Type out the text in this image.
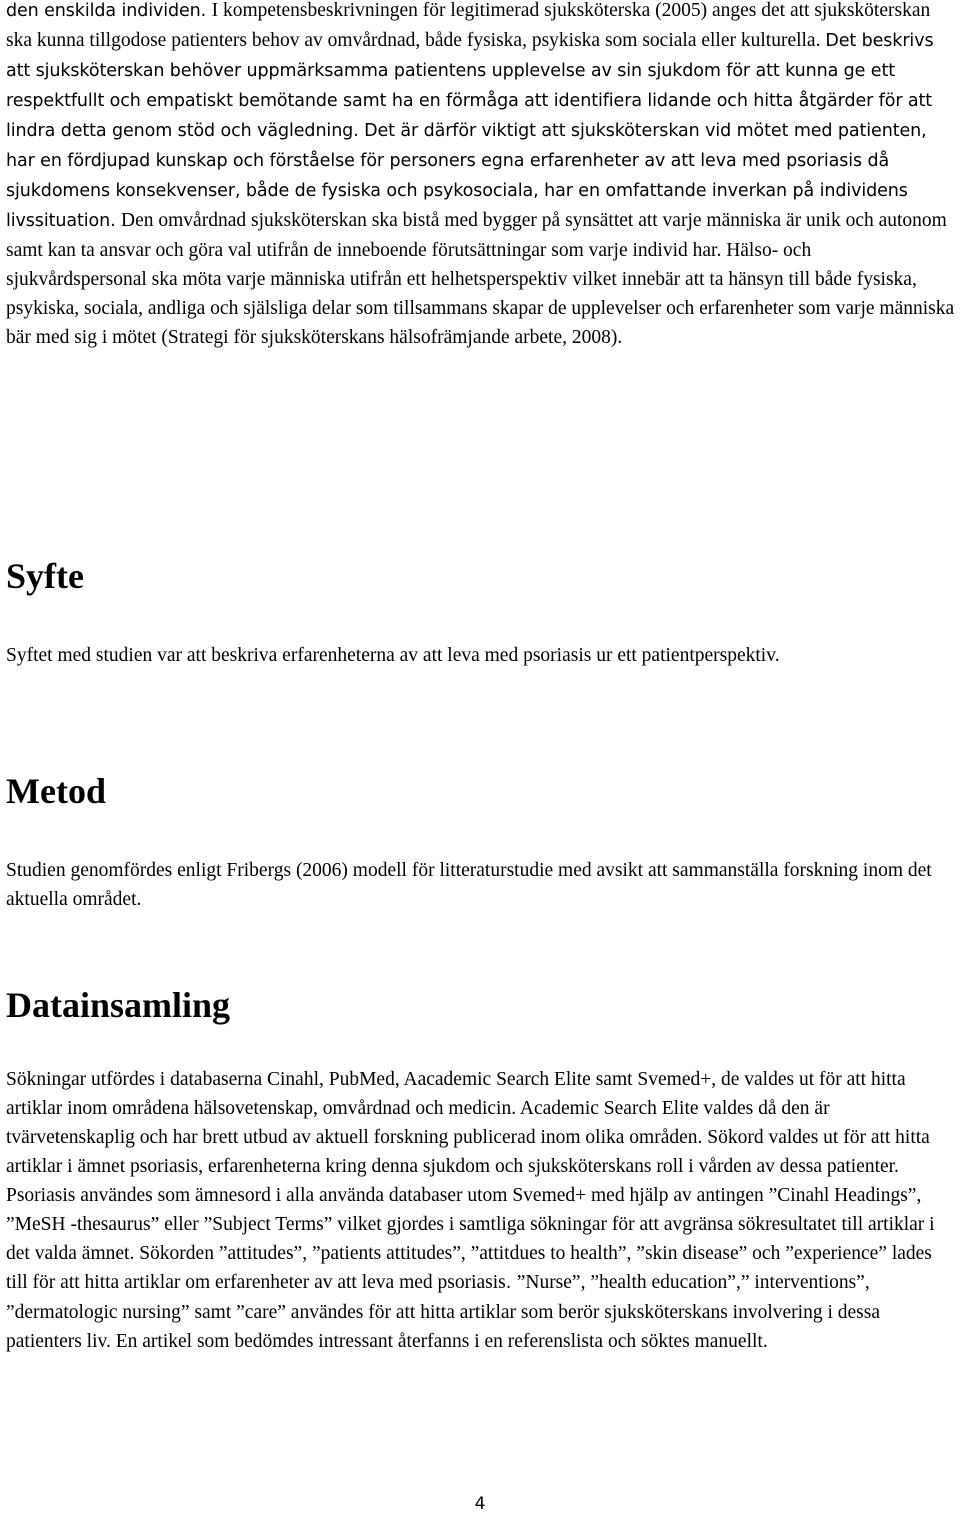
den enskilda individen. I kompetensbeskrivningen för legitimerad sjuksköterska (2005) anges det att sjuksköterskan ska kunna tillgodose patienters behov av omvårdnad, både fysiska, psykiska som sociala eller kulturella. Det beskrivs att sjuksköterskan behöver uppmärksamma patientens upplevelse av sin sjukdom för att kunna ge ett respektfullt och empatiskt bemötande samt ha en förmåga att identifiera lidande och hitta åtgärder för att lindra detta genom stöd och vägledning. Det är därför viktigt att sjuksköterskan vid mötet med patienten, har en fördjupad kunskap och förståelse för personers egna erfarenheter av att leva med psoriasis då sjukdomens konsekvenser, både de fysiska och psykosociala, har en omfattande inverkan på individens livssituation. Den omvårdnad sjuksköterskan ska bistå med bygger på synsättet att varje människa är unik och autonom samt kan ta ansvar och göra val utifrån de inneboende förutsättningar som varje individ har. Hälso- och sjukvårdspersonal ska möta varje människa utifrån ett helhetsperspektiv vilket innebär att ta hänsyn till både fysiska, psykiska, sociala, andliga och själsliga delar som tillsammans skapar de upplevelser och erfarenheter som varje människa bär med sig i mötet (Strategi för sjuksköterskans hälsofrämjande arbete, 2008).

Syfte

Syftet med studien var att beskriva erfarenheterna av att leva med psoriasis ur ett patientperspektiv.

Metod

Studien genomfördes enligt Fribergs (2006) modell för litteraturstudie med avsikt att sammanställa forskning inom det aktuella området.

Datainsamling

Sökningar utfördes i databaserna Cinahl, PubMed, Aacademic Search Elite samt Svemed+, de valdes ut för att hitta artiklar inom områdena hälsovetenskap, omvårdnad och medicin. Academic Search Elite valdes då den är tvärvetenskaplig och har brett utbud av aktuell forskning publicerad inom olika områden. Sökord valdes ut för att hitta artiklar i ämnet psoriasis, erfarenheterna kring denna sjukdom och sjuksköterskans roll i vården av dessa patienter. Psoriasis användes som ämnesord i alla använda databaser utom Svemed+ med hjälp av antingen ”Cinahl Headings”, ”MeSH -thesaurus” eller ”Subject Terms” vilket gjordes i samtliga sökningar för att avgränsa sökresultatet till artiklar i det valda ämnet. Sökorden ”attitudes”, ”patients attitudes”, ”attitdues to health”, ”skin disease” och ”experience” lades till för att hitta artiklar om erfarenheter av att leva med psoriasis. ”Nurse”, ”health education”,” interventions”, ”dermatologic nursing” samt ”care” användes för att hitta artiklar som berör sjuksköterskans involvering i dessa patienters liv. En artikel som bedömdes intressant återfanns i en referenslista och söktes manuellt.

4
